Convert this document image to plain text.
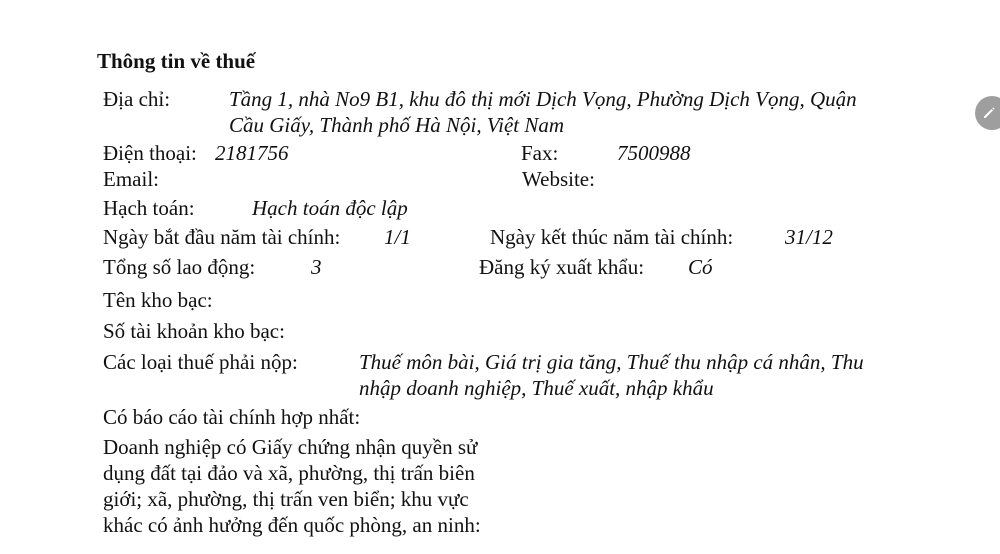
Thông tin về thuế
Địa chỉ:	Tầng 1, nhà No9 B1, khu đô thị mới Dịch Vọng, Phường Dịch Vọng, Quận
Cầu Giấy, Thành phố Hà Nội, Việt Nam
Điện thoại: 2181756	Fax:	7500988
Email:	Website:
Hạch toán:	Hạch toán độc lập
Ngày bắt đầu năm tài chính: 1/1	Ngày kết thúc năm tài chính: 31/12
Tổng số lao động:	3	Đăng ký xuất khẩu: Có
Tên kho bạc:
Số tài khoản kho bạc:
Các loại thuế phải nộp:	Thuế môn bài, Giá trị gia tăng, Thuế thu nhập cá nhân, Thu
nhập doanh nghiệp, Thuế xuất, nhập khẩu
Có báo cáo tài chính hợp nhất:
Doanh nghiệp có Giấy chứng nhận quyền sử
dụng đất tại đảo và xã, phường, thị trấn biên
giới; xã, phường, thị trấn ven biển; khu vực
khác có ảnh hưởng đến quốc phòng, an ninh:
